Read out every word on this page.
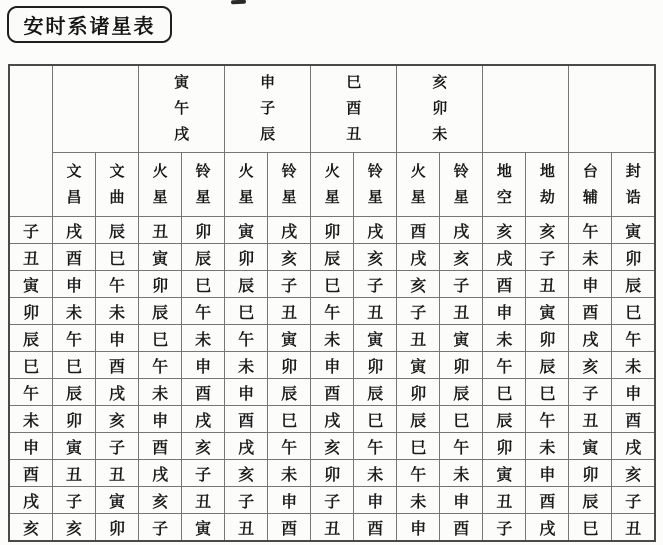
安时系诸星表

			寅午戌		申子辰		巳酉丑		亥卯未					

	文昌	文曲	火星	铃星	火星	铃星	火星	铃星	火星	铃星	地空	地劫	台辅	封诰

子	戌	辰	丑	卯	寅	戌	卯	戌	酉	戌	亥	亥	午	寅
丑	酉	巳	寅	辰	卯	亥	辰	亥	戌	亥	戌	子	未	卯
寅	申	午	卯	巳	辰	子	巳	子	亥	子	酉	丑	申	辰
卯	未	未	辰	午	巳	丑	午	丑	子	丑	申	寅	酉	巳
辰	午	申	巳	未	午	寅	未	寅	丑	寅	未	卯	戌	午
巳	巳	酉	午	申	未	卯	申	卯	寅	卯	午	辰	亥	未
午	辰	戌	未	酉	申	辰	酉	辰	卯	辰	巳	巳	子	申
未	卯	亥	申	戌	酉	巳	戌	巳	辰	巳	辰	午	丑	酉
申	寅	子	酉	亥	戌	午	亥	午	巳	午	卯	未	寅	戌
酉	丑	丑	戌	子	亥	未	卯	未	午	未	寅	申	卯	亥
戌	子	寅	亥	丑	子	申	子	申	未	申	丑	酉	辰	子
亥	亥	卯	子	寅	丑	酉	丑	酉	申	酉	子	戌	巳	丑
